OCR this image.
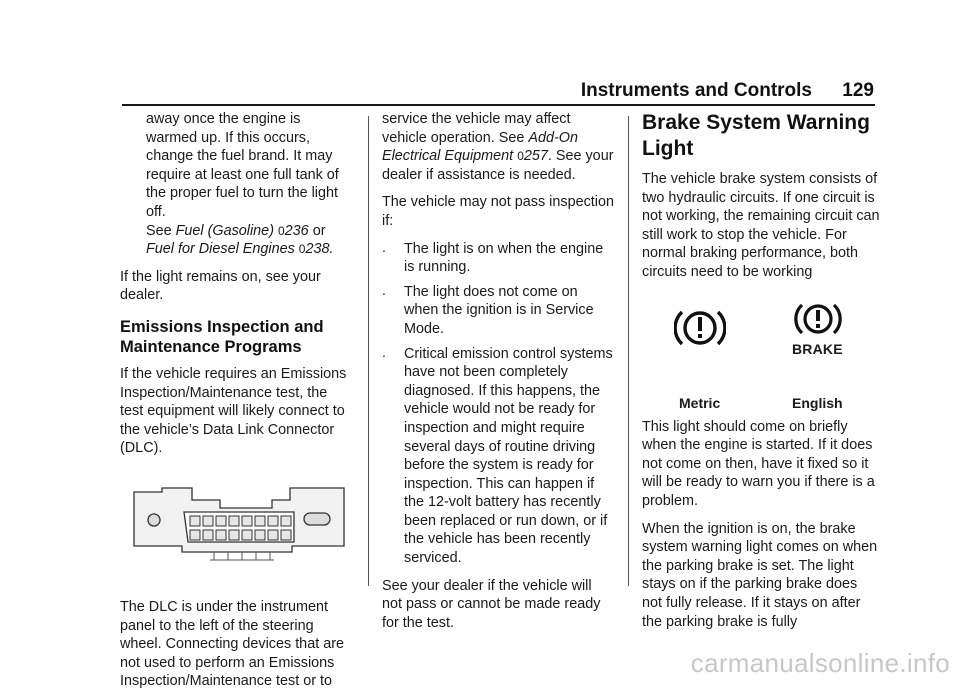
Instruments and Controls 129

away once the engine is warmed up. If this occurs, change the fuel brand. It may require at least one full tank of the proper fuel to turn the light off.
See Fuel (Gasoline) 0236 or Fuel for Diesel Engines 0238.

If the light remains on, see your dealer.

Emissions Inspection and Maintenance Programs

If the vehicle requires an Emissions Inspection/Maintenance test, the test equipment will likely connect to the vehicle’s Data Link Connector (DLC).

The DLC is under the instrument panel to the left of the steering wheel. Connecting devices that are not used to perform an Emissions Inspection/Maintenance test or to

service the vehicle may affect vehicle operation. See Add-On Electrical Equipment 0257. See your dealer if assistance is needed.

The vehicle may not pass inspection if:

. The light is on when the engine is running.
. The light does not come on when the ignition is in Service Mode.
. Critical emission control systems have not been completely diagnosed. If this happens, the vehicle would not be ready for inspection and might require several days of routine driving before the system is ready for inspection. This can happen if the 12-volt battery has recently been replaced or run down, or if the vehicle has been recently serviced.

See your dealer if the vehicle will not pass or cannot be made ready for the test.

Brake System Warning Light

The vehicle brake system consists of two hydraulic circuits. If one circuit is not working, the remaining circuit can still work to stop the vehicle. For normal braking performance, both circuits need to be working

BRAKE
Metric	English

This light should come on briefly when the engine is started. If it does not come on then, have it fixed so it will be ready to warn you if there is a problem.

When the ignition is on, the brake system warning light comes on when the parking brake is set. The light stays on if the parking brake does not fully release. If it stays on after the parking brake is fully

carmanualsonline.info
